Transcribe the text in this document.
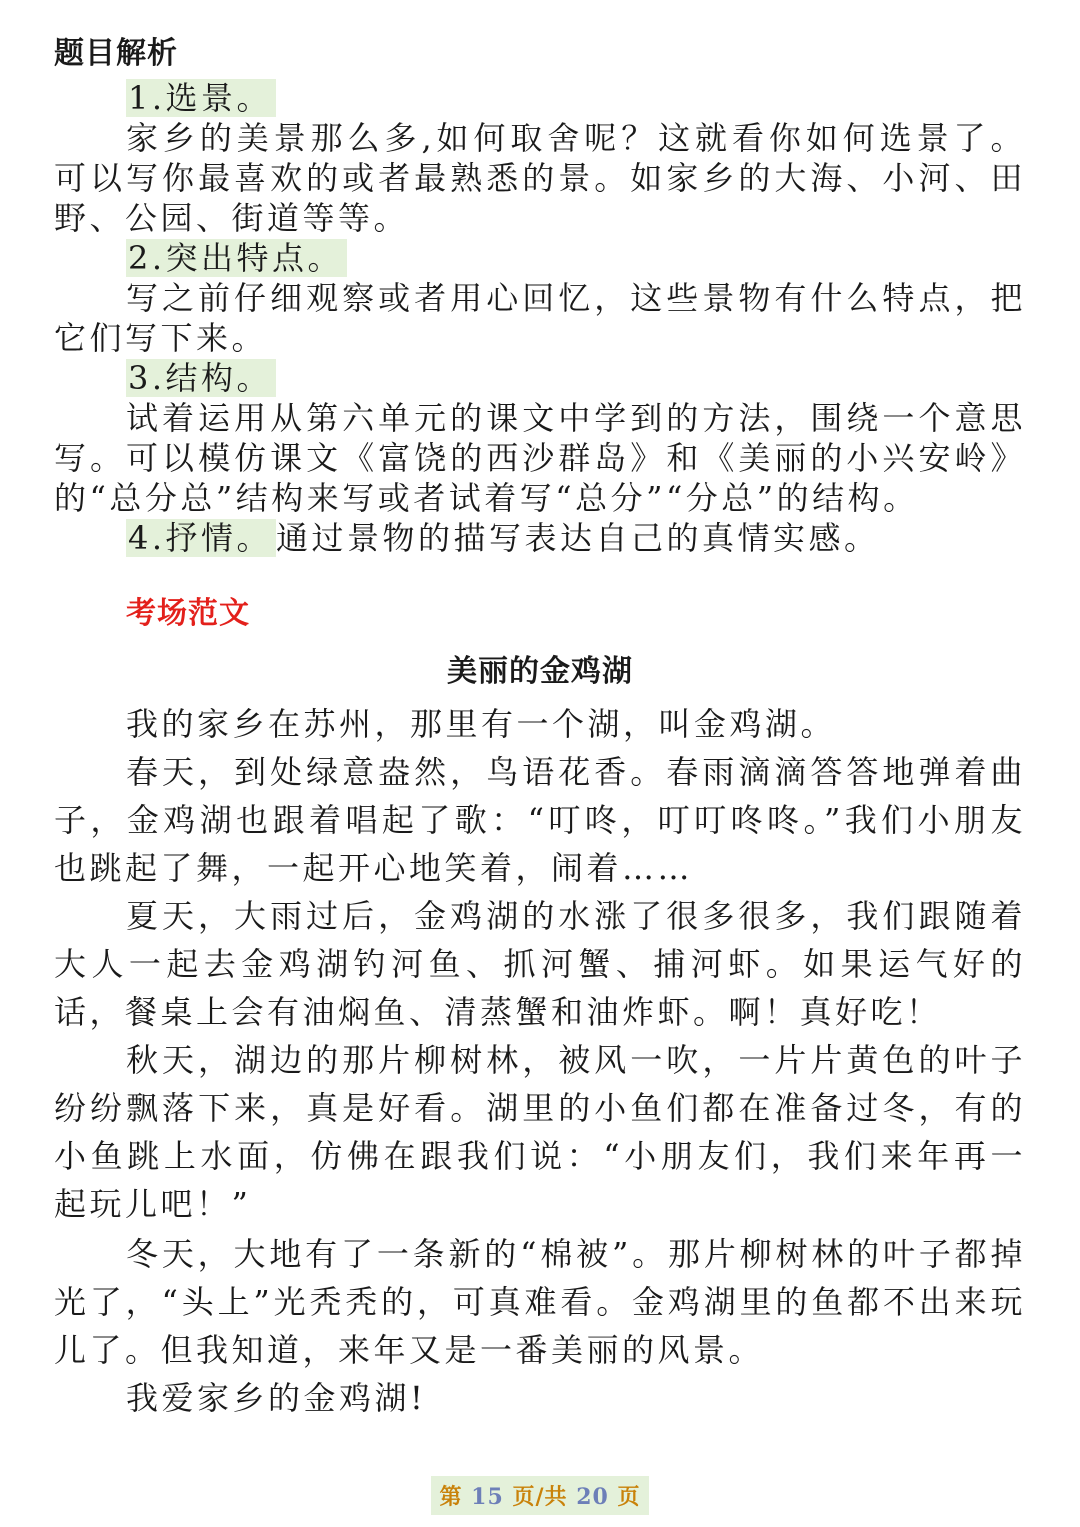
题目解析

1.选景。

家乡的美景那么多,如何取舍呢？这就看你如何选景了。可以写你最喜欢的或者最熟悉的景。如家乡的大海、小河、田野、公园、街道等等。

2.突出特点。

写之前仔细观察或者用心回忆，这些景物有什么特点，把它们写下来。

3.结构。

试着运用从第六单元的课文中学到的方法，围绕一个意思写。可以模仿课文《富饶的西沙群岛》和《美丽的小兴安岭》的“总分总”结构来写或者试着写“总分”“分总”的结构。

4.抒情。 通过景物的描写表达自己的真情实感。

考场范文
美丽的金鸡湖

我的家乡在苏州，那里有一个湖，叫金鸡湖。

春天，到处绿意盎然，鸟语花香。春雨滴滴答答地弹着曲子，金鸡湖也跟着唱起了歌：“叮咚，叮叮咚咚。”我们小朋友也跳起了舞，一起开心地笑着，闹着……

夏天，大雨过后，金鸡湖的水涨了很多很多，我们跟随着大人一起去金鸡湖钓河鱼、抓河蟹、捕河虾。如果运气好的话，餐桌上会有油焖鱼、清蒸蟹和油炸虾。啊！真好吃！

秋天，湖边的那片柳树林，被风一吹，一片片黄色的叶子纷纷飘落下来，真是好看。湖里的小鱼们都在准备过冬，有的小鱼跳上水面，仿佛在跟我们说：“小朋友们，我们来年再一起玩儿吧！”

冬天，大地有了一条新的“棉被”。那片柳树林的叶子都掉光了，“头上”光秃秃的，可真难看。金鸡湖里的鱼都不出来玩儿了。但我知道，来年又是一番美丽的风景。

我爱家乡的金鸡湖!

第 15 页/共 20 页
